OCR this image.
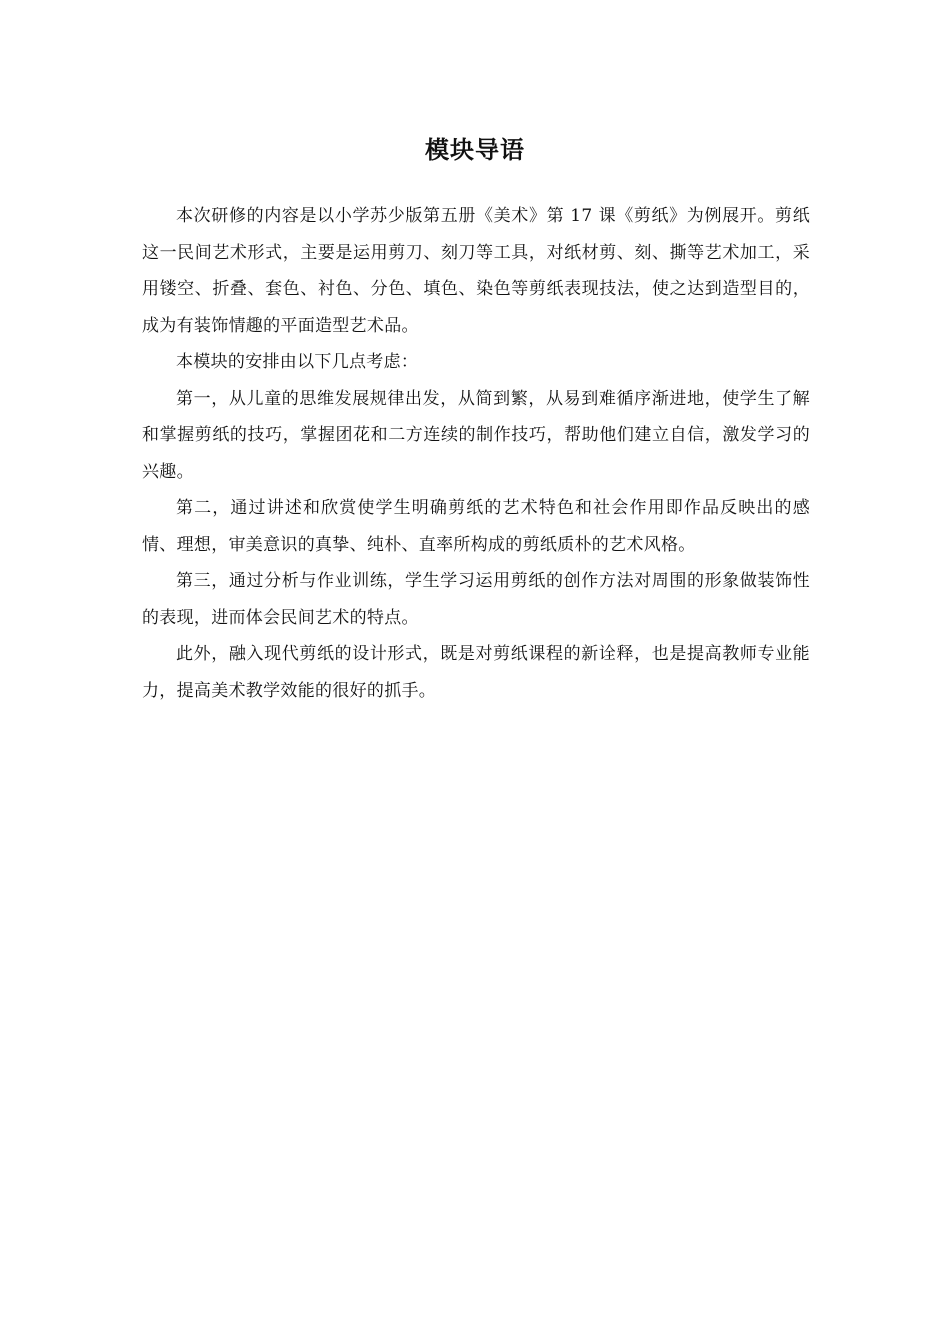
模块导语

本次研修的内容是以小学苏少版第五册《美术》第 17 课《剪纸》为例展开。剪纸这一民间艺术形式，主要是运用剪刀、刻刀等工具，对纸材剪、刻、撕等艺术加工，采用镂空、折叠、套色、衬色、分色、填色、染色等剪纸表现技法，使之达到造型目的，成为有装饰情趣的平面造型艺术品。

本模块的安排由以下几点考虑：

第一，从儿童的思维发展规律出发，从简到繁，从易到难循序渐进地，使学生了解和掌握剪纸的技巧，掌握团花和二方连续的制作技巧，帮助他们建立自信，激发学习的兴趣。

第二，通过讲述和欣赏使学生明确剪纸的艺术特色和社会作用即作品反映出的感情、理想，审美意识的真挚、纯朴、直率所构成的剪纸质朴的艺术风格。

第三，通过分析与作业训练，学生学习运用剪纸的创作方法对周围的形象做装饰性的表现，进而体会民间艺术的特点。

此外，融入现代剪纸的设计形式，既是对剪纸课程的新诠释，也是提高教师专业能力，提高美术教学效能的很好的抓手。
